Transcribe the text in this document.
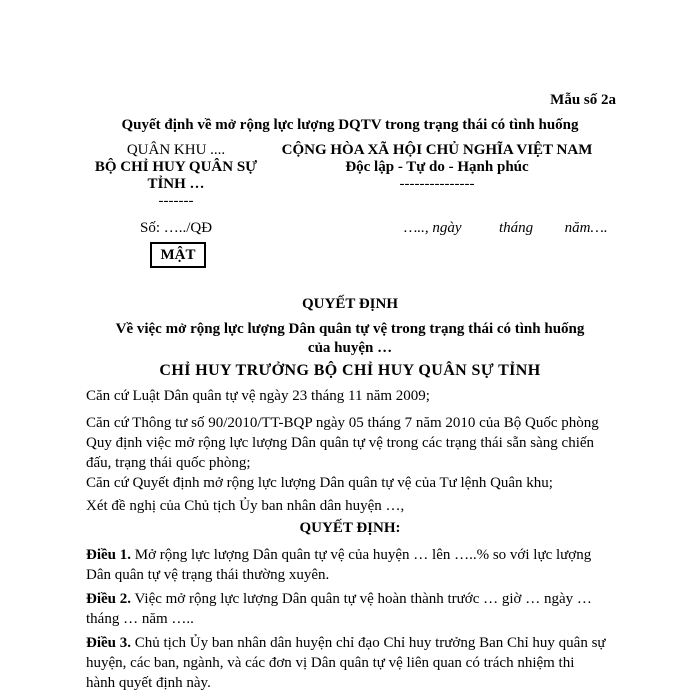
Mẫu số 2a
Quyết định về mở rộng lực lượng DQTV trong trạng thái có tình huống
QUÂN KHU ....
BỘ CHỈ HUY QUÂN SỰ
TỈNH …
-------
CỘNG HÒA XÃ HỘI CHỦ NGHĨA VIỆT NAM
Độc lập - Tự do - Hạnh phúc
---------------
Số: …../QĐ	….., ngày	tháng năm….
MẬT
QUYẾT ĐỊNH
Về việc mở rộng lực lượng Dân quân tự vệ trong trạng thái có tình huống
của huyện …
CHỈ HUY TRƯỞNG BỘ CHỈ HUY QUÂN SỰ TỈNH
Căn cứ Luật Dân quân tự vệ ngày 23 tháng 11 năm 2009;
Căn cứ Thông tư số 90/2010/TT-BQP ngày 05 tháng 7 năm 2010 của Bộ Quốc phòng
Quy định việc mở rộng lực lượng Dân quân tự vệ trong các trạng thái sẵn sàng chiến
đấu, trạng thái quốc phòng;
Căn cứ Quyết định mở rộng lực lượng Dân quân tự vệ của Tư lệnh Quân khu;
Xét đề nghị của Chủ tịch Ủy ban nhân dân huyện …,
QUYẾT ĐỊNH:
Điều 1. Mở rộng lực lượng Dân quân tự vệ của huyện … lên …..% so với lực lượng
Dân quân tự vệ trạng thái thường xuyên.
Điều 2. Việc mở rộng lực lượng Dân quân tự vệ hoàn thành trước … giờ … ngày …
tháng … năm …..
Điều 3. Chủ tịch Ủy ban nhân dân huyện chỉ đạo Chỉ huy trưởng Ban Chỉ huy quân sự
huyện, các ban, ngành, và các đơn vị Dân quân tự vệ liên quan có trách nhiệm thi
hành quyết định này.
